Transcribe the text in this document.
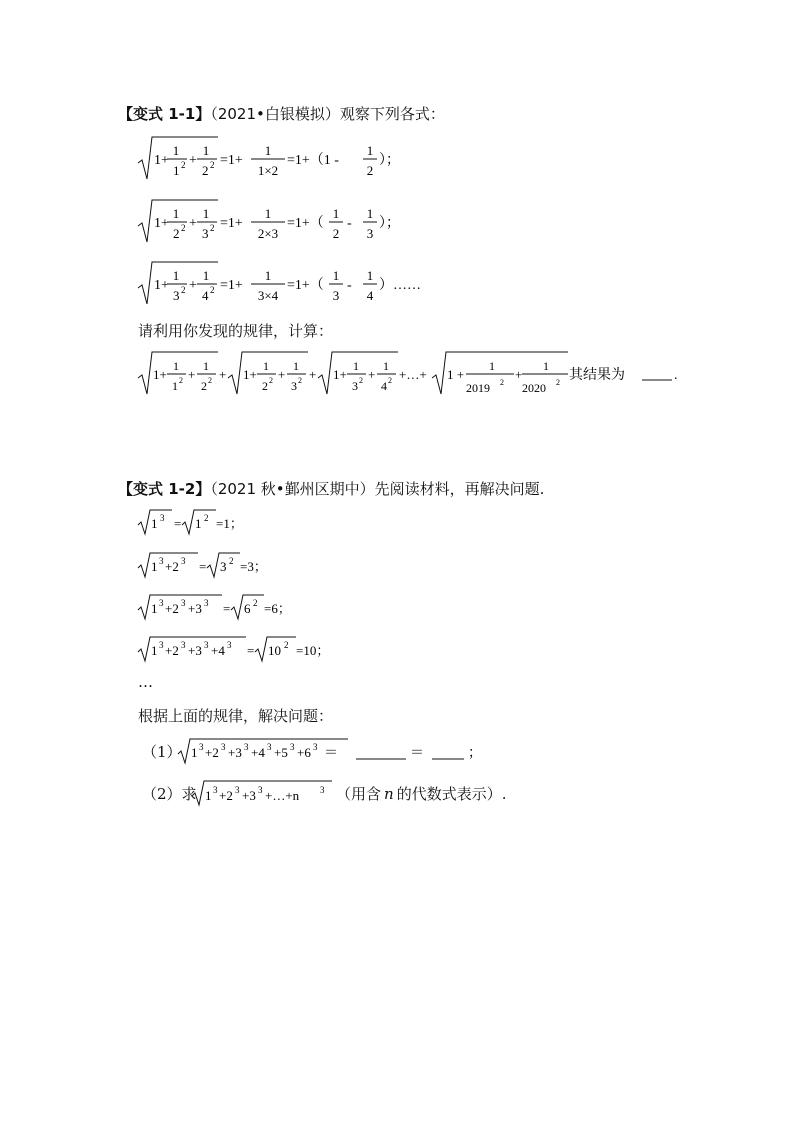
【变式 1-1】（2021•白银模拟）观察下列各式：
1+
1
1 2 +
1
2 2 =1+
1
1×2
=1+（1 -
1
2
）；
1+
1
2 2 +
1
3 2 =1+
1
2×3
=1+（
1
2
-
1
3
）；
1+
1
3 2 +
1
4 2 =1+
1
3×4
=1+（
1
3
-
1
4
）……
请利用你发现的规律，计算：
1+
1
1 2 +
1
2 2 + 1+
1
2 2 +
1
3 2 + 1+
1
3 2 +
1
4 2 +…+ 1 +
1
2019 2
+
1
2020 2 其结果为	.
【变式 1-2】（2021 秋•鄞州区期中）先阅读材料，再解决问题.
1 3 = 1 2 =1；
1 3 +2 3 = 3 2 =3；
1 3 +2 3 +3 3 = 6 2 =6；
1 3 +2 3 +3 3 +4 3 = 10 2 =10；
…
根据上面的规律，解决问题：
（1） 1 3 +2 3 +3 3 +4 3 +5 3 +6 3 ＝	＝	；
（2）求 1 3 +2 3 +3 3 +…+n 3 （用含 n 的代数式表示）.
